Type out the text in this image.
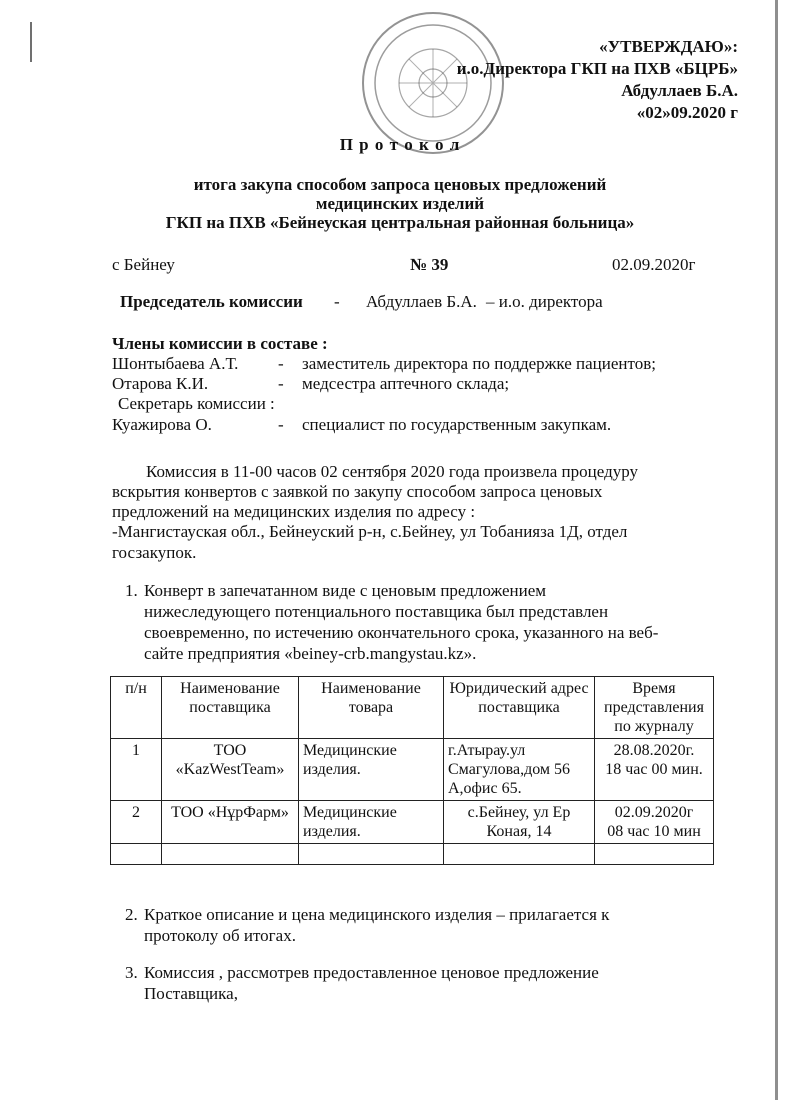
«УТВЕРЖДАЮ»:
и.о.Директора ГКП на ПХВ «БЦРБ»
Абдуллаев Б.А.
«02»09.2020 г
П р о т о к о л
итога закупа способом запроса ценовых предложений
медицинских изделий
ГКП на ПХВ «Бейнеуская центральная районная больница»
с Бейнеу	№ 39	02.09.2020г
Председатель комиссии - Абдуллаев Б.А. – и.о. директора
Члены комиссии в составе :
Шонтыбаева А.Т. - заместитель директора по поддержке пациентов;
Отарова К.И.	- медсестра аптечного склада;
Секретарь комиссии :
Куажирова О.	- специалист по государственным закупкам.
Комиссия в 11-00 часов 02 сентября 2020 года произвела процедуру
вскрытия конвертов с заявкой по закупу способом запроса ценовых
предложений на медицинских изделия по адресу :
-Мангистауская обл., Бейнеуский р-н, с.Бейнеу, ул Тобанияза 1Д, отдел
госзакупок.
1. Конверт в запечатанном виде с ценовым предложением
нижеследующего потенциального поставщика был представлен
своевременно, по истечению окончательного срока, указанного на веб-
сайте предприятия «beiney-crb.mangystau.kz».
п/н	Наименование поставщика	Наименование товара	Юридический адрес поставщика	Время представления по журналу
1	ТОО «KazWestTeam»	Медицинские изделия.	г.Атырау.ул Смагулова,дом 56 А,офис 65.	28.08.2020г.
18 час 00 мин.

2	ТОО «НұрФарм»	Медицинские изделия.	с.Бейнеу, ул Ер Коная, 14	02.09.2020г
08 час 10 мин

2. Краткое описание и цена медицинского изделия – прилагается к
протоколу об итогах.
3. Комиссия , рассмотрев предоставленное ценовое предложение
Поставщика,
